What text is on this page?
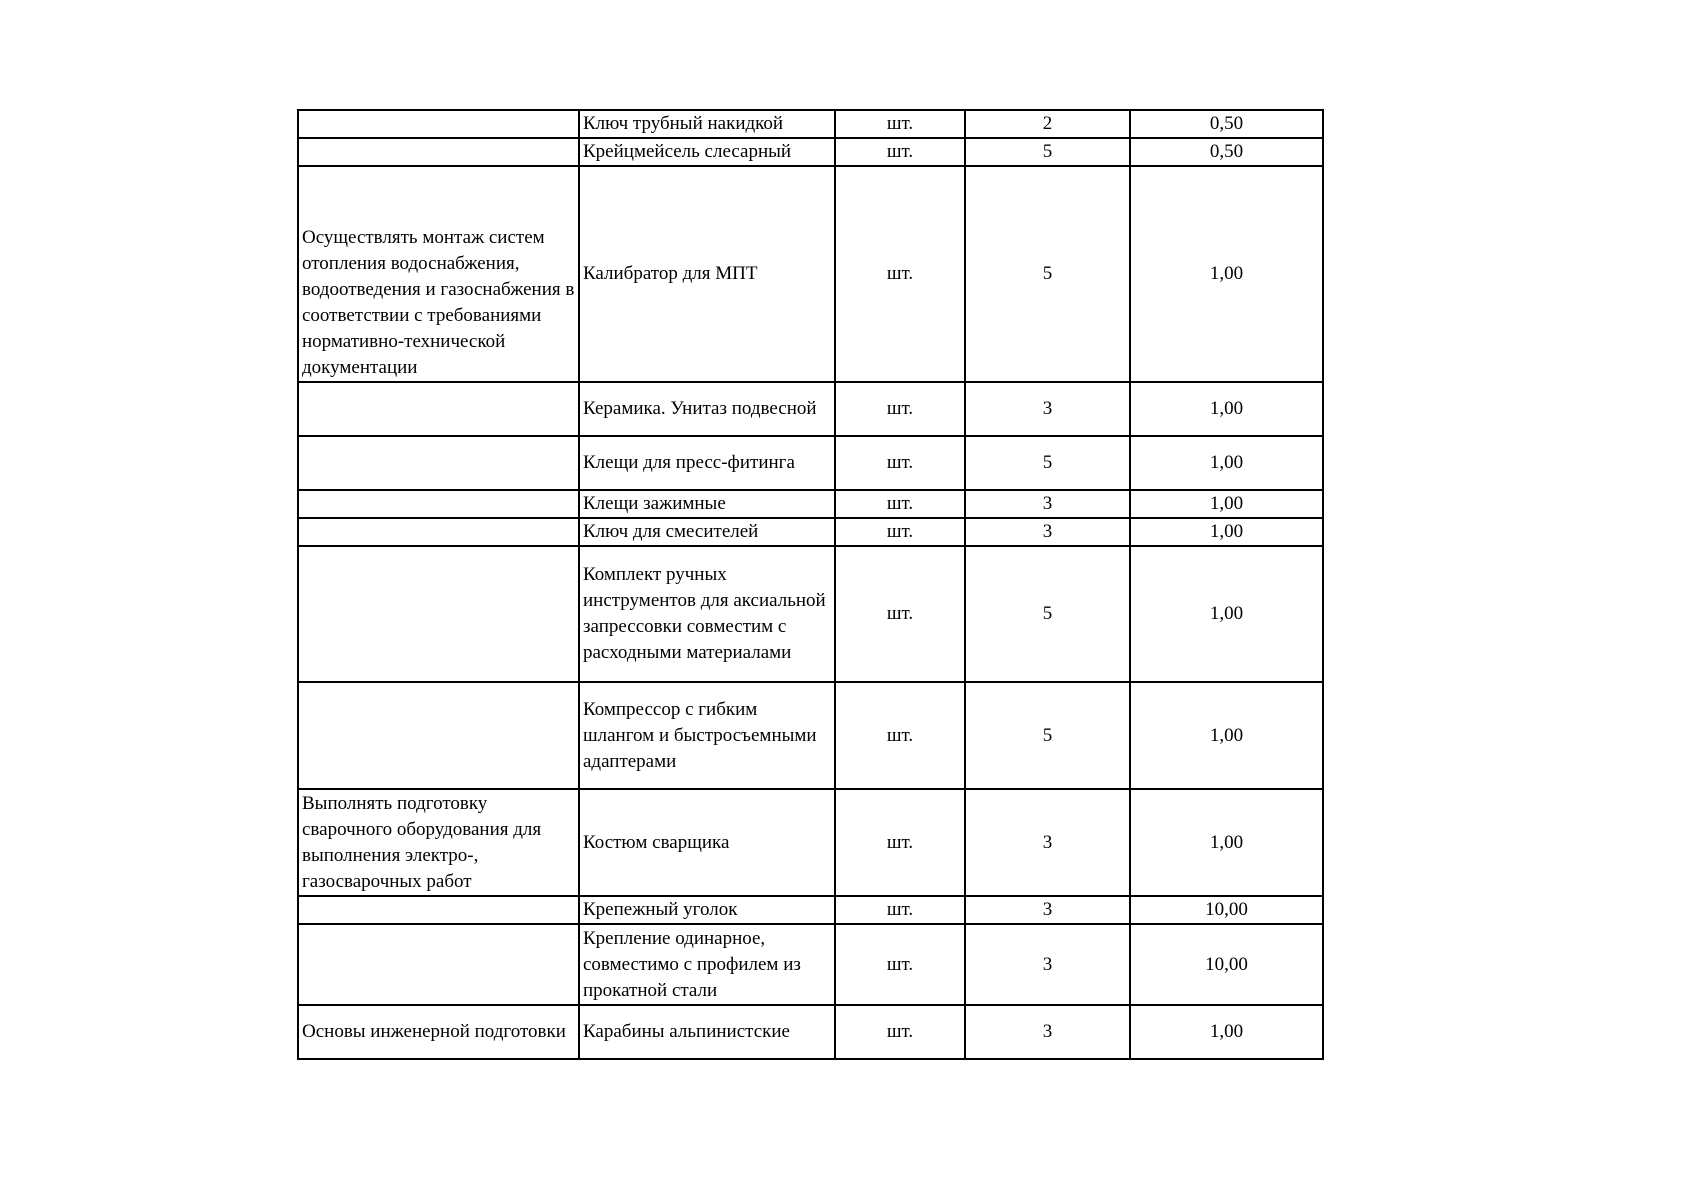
	Ключ трубный накидкой	шт.	2	0,50
	Крейцмейсель слесарный	шт.	5	0,50
Осуществлять монтаж систем отопления водоснабжения, водоотведения и газоснабжения в соответствии с требованиями нормативно-технической документации	Калибратор для МПТ	шт.	5	1,00
	Керамика. Унитаз подвесной	шт.	3	1,00
	Клещи для пресс-фитинга	шт.	5	1,00
	Клещи зажимные	шт.	3	1,00
	Ключ для смесителей	шт.	3	1,00
	Комплект ручных инструментов для аксиальной запрессовки совместим с расходными материалами	шт.	5	1,00
	Компрессор с гибким шлангом и быстросъемными адаптерами	шт.	5	1,00
Выполнять подготовку сварочного оборудования для выполнения электро-, газосварочных работ	Костюм сварщика	шт.	3	1,00
	Крепежный уголок	шт.	3	10,00
	Крепление одинарное, совместимо с профилем из прокатной стали	шт.	3	10,00
Основы инженерной подготовки	Карабины альпинистские	шт.	3	1,00
